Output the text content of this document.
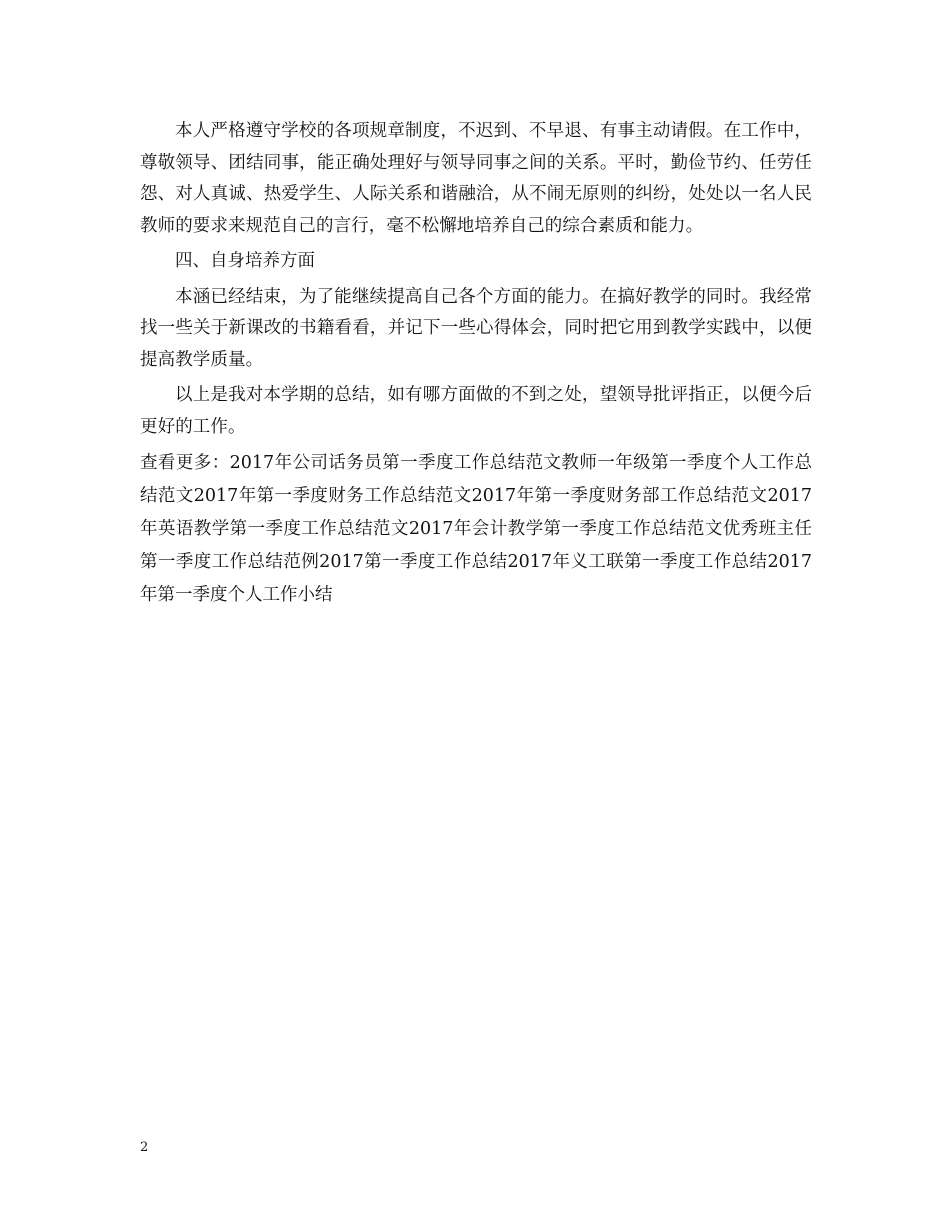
本人严格遵守学校的各项规章制度，不迟到、不早退、有事主动请假。在工作中，尊敬领导、团结同事，能正确处理好与领导同事之间的关系。平时，勤俭节约、任劳任怨、对人真诚、热爱学生、人际关系和谐融洽，从不闹无原则的纠纷，处处以一名人民教师的要求来规范自己的言行，毫不松懈地培养自己的综合素质和能力。

四、自身培养方面

本涵已经结束，为了能继续提高自己各个方面的能力。在搞好教学的同时。我经常找一些关于新课改的书籍看看，并记下一些心得体会，同时把它用到教学实践中，以便提高教学质量。

以上是我对本学期的总结，如有哪方面做的不到之处，望领导批评指正，以便今后更好的工作。

查看更多：2017年公司话务员第一季度工作总结范文教师一年级第一季度个人工作总结范文2017年第一季度财务工作总结范文2017年第一季度财务部工作总结范文2017年英语教学第一季度工作总结范文2017年会计教学第一季度工作总结范文优秀班主任第一季度工作总结范例2017第一季度工作总结2017年义工联第一季度工作总结2017年第一季度个人工作小结

2
